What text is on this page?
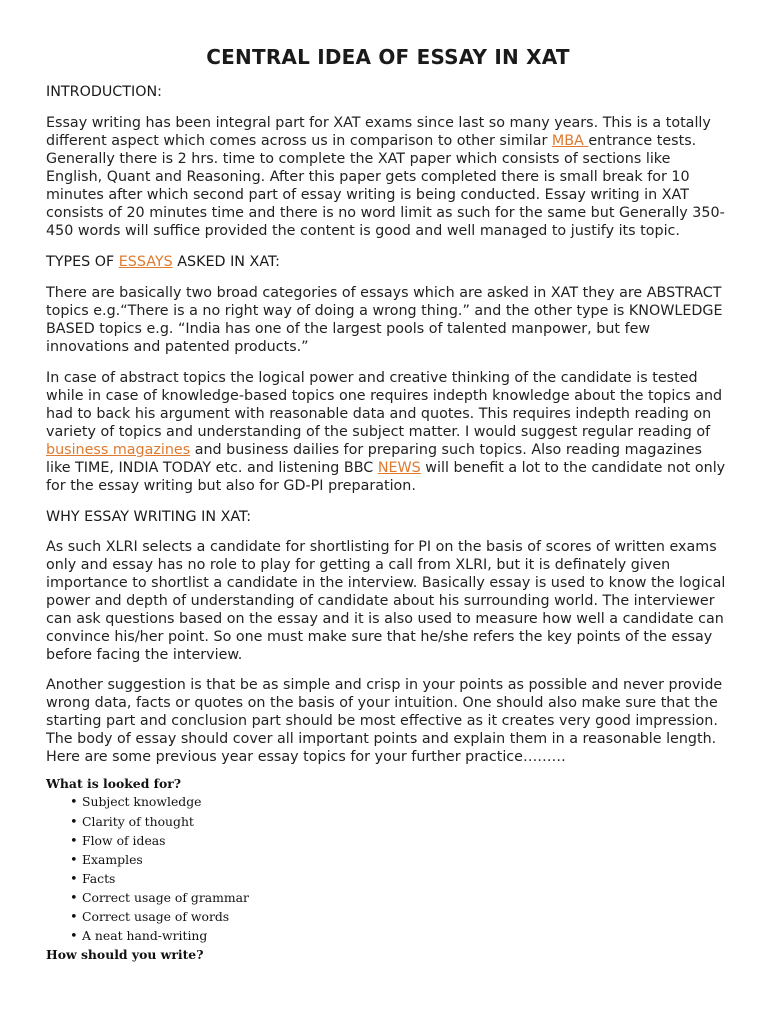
CENTRAL IDEA OF ESSAY IN XAT

INTRODUCTION:

Essay writing has been integral part for XAT exams since last so many years. This is a totally different aspect which comes across us in comparison to other similar MBA entrance tests. Generally there is 2 hrs. time to complete the XAT paper which consists of sections like English, Quant and Reasoning. After this paper gets completed there is small break for 10 minutes after which second part of essay writing is being conducted. Essay writing in XAT consists of 20 minutes time and there is no word limit as such for the same but Generally 350-450 words will suffice provided the content is good and well managed to justify its topic.

TYPES OF ESSAYS ASKED IN XAT:

There are basically two broad categories of essays which are asked in XAT they are ABSTRACT topics e.g.“There is a no right way of doing a wrong thing.” and the other type is KNOWLEDGE BASED topics e.g. “India has one of the largest pools of talented manpower, but few innovations and patented products.”

In case of abstract topics the logical power and creative thinking of the candidate is tested while in case of knowledge-based topics one requires indepth knowledge about the topics and had to back his argument with reasonable data and quotes. This requires indepth reading on variety of topics and understanding of the subject matter. I would suggest regular reading of business magazines and business dailies for preparing such topics. Also reading magazines like TIME, INDIA TODAY etc. and listening BBC NEWS will benefit a lot to the candidate not only for the essay writing but also for GD-PI preparation.

WHY ESSAY WRITING IN XAT:

As such XLRI selects a candidate for shortlisting for PI on the basis of scores of written exams only and essay has no role to play for getting a call from XLRI, but it is definately given importance to shortlist a candidate in the interview. Basically essay is used to know the logical power and depth of understanding of candidate about his surrounding world. The interviewer can ask questions based on the essay and it is also used to measure how well a candidate can convince his/her point. So one must make sure that he/she refers the key points of the essay before facing the interview.

Another suggestion is that be as simple and crisp in your points as possible and never provide wrong data, facts or quotes on the basis of your intuition. One should also make sure that the starting part and conclusion part should be most effective as it creates very good impression. The body of essay should cover all important points and explain them in a reasonable length. Here are some previous year essay topics for your further practice………

What is looked for?

• Subject knowledge
• Clarity of thought
• Flow of ideas
• Examples
• Facts
• Correct usage of grammar
• Correct usage of words
• A neat hand-writing

How should you write?
